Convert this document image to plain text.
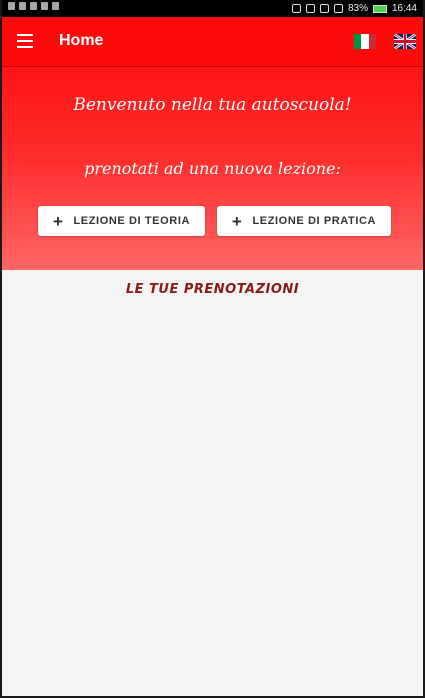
83% 16:44
Home
Benvenuto nella tua autoscuola!
prenotati ad una nuova lezione:
+ LEZIONE DI TEORIA + LEZIONE DI PRATICA
LE TUE PRENOTAZIONI
